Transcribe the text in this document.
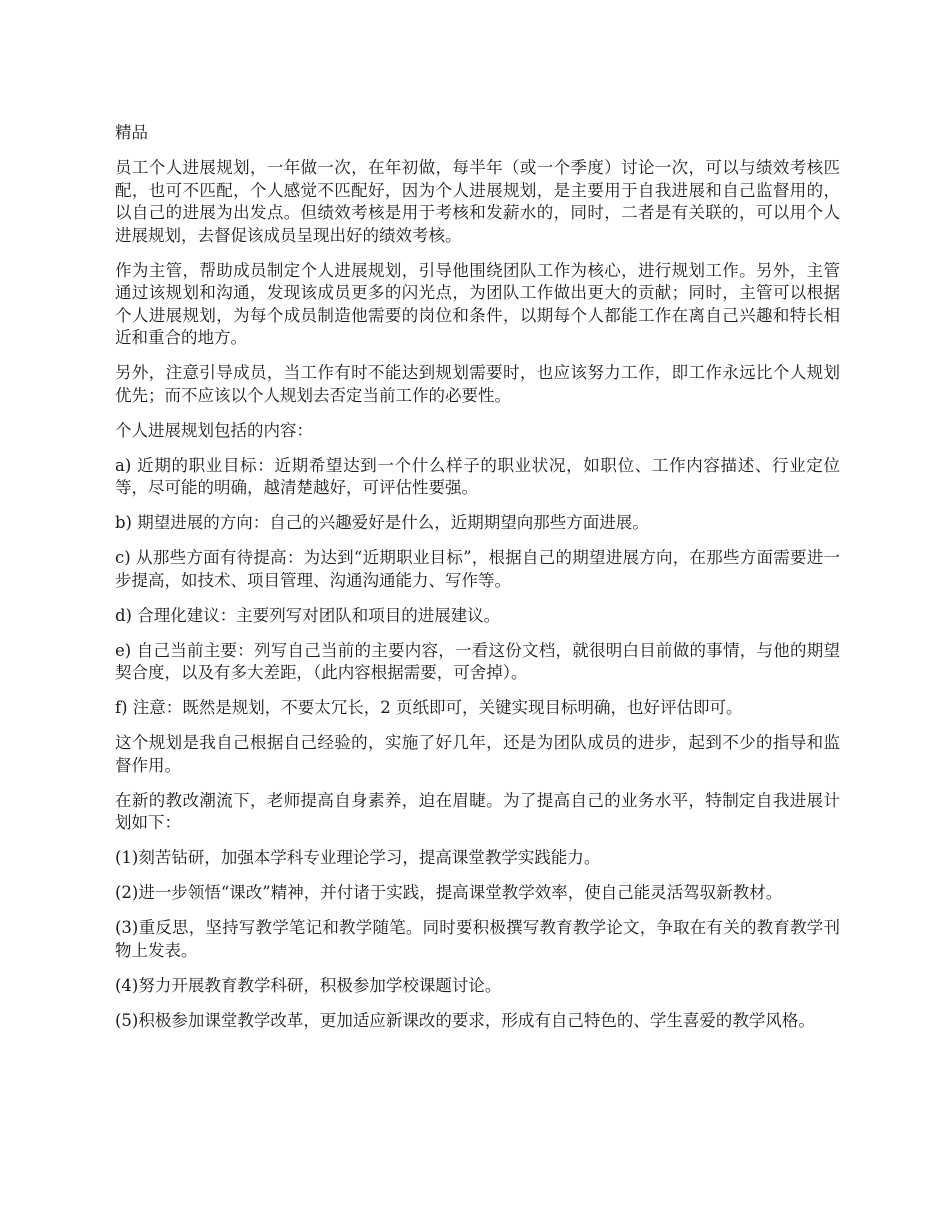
精品

员工个人进展规划，一年做一次，在年初做，每半年（或一个季度）讨论一次，可以与绩效考核匹配，也可不匹配，个人感觉不匹配好，因为个人进展规划，是主要用于自我进展和自己监督用的，以自己的进展为出发点。但绩效考核是用于考核和发薪水的，同时，二者是有关联的，可以用个人进展规划，去督促该成员呈现出好的绩效考核。

作为主管，帮助成员制定个人进展规划，引导他围绕团队工作为核心，进行规划工作。另外，主管通过该规划和沟通，发现该成员更多的闪光点，为团队工作做出更大的贡献；同时，主管可以根据个人进展规划，为每个成员制造他需要的岗位和条件，以期每个人都能工作在离自己兴趣和特长相近和重合的地方。

另外，注意引导成员，当工作有时不能达到规划需要时，也应该努力工作，即工作永远比个人规划优先；而不应该以个人规划去否定当前工作的必要性。

个人进展规划包括的内容：

a) 近期的职业目标：近期希望达到一个什么样子的职业状况，如职位、工作内容描述、行业定位等，尽可能的明确，越清楚越好，可评估性要强。

b) 期望进展的方向：自己的兴趣爱好是什么，近期期望向那些方面进展。

c) 从那些方面有待提高：为达到“近期职业目标”，根据自己的期望进展方向，在那些方面需要进一步提高，如技术、项目管理、沟通沟通能力、写作等。

d) 合理化建议：主要列写对团队和项目的进展建议。

e) 自己当前主要：列写自己当前的主要内容，一看这份文档，就很明白目前做的事情，与他的期望契合度，以及有多大差距，（此内容根据需要，可舍掉）。

f) 注意：既然是规划，不要太冗长，2 页纸即可，关键实现目标明确，也好评估即可。

这个规划是我自己根据自己经验的，实施了好几年，还是为团队成员的进步，起到不少的指导和监督作用。

在新的教改潮流下，老师提高自身素养，迫在眉睫。为了提高自己的业务水平，特制定自我进展计划如下：

(1)刻苦钻研，加强本学科专业理论学习，提高课堂教学实践能力。

(2)进一步领悟“课改”精神，并付诸于实践，提高课堂教学效率，使自己能灵活驾驭新教材。

(3)重反思，坚持写教学笔记和教学随笔。同时要积极撰写教育教学论文，争取在有关的教育教学刊物上发表。

(4)努力开展教育教学科研，积极参加学校课题讨论。

(5)积极参加课堂教学改革，更加适应新课改的要求，形成有自己特色的、学生喜爱的教学风格。
